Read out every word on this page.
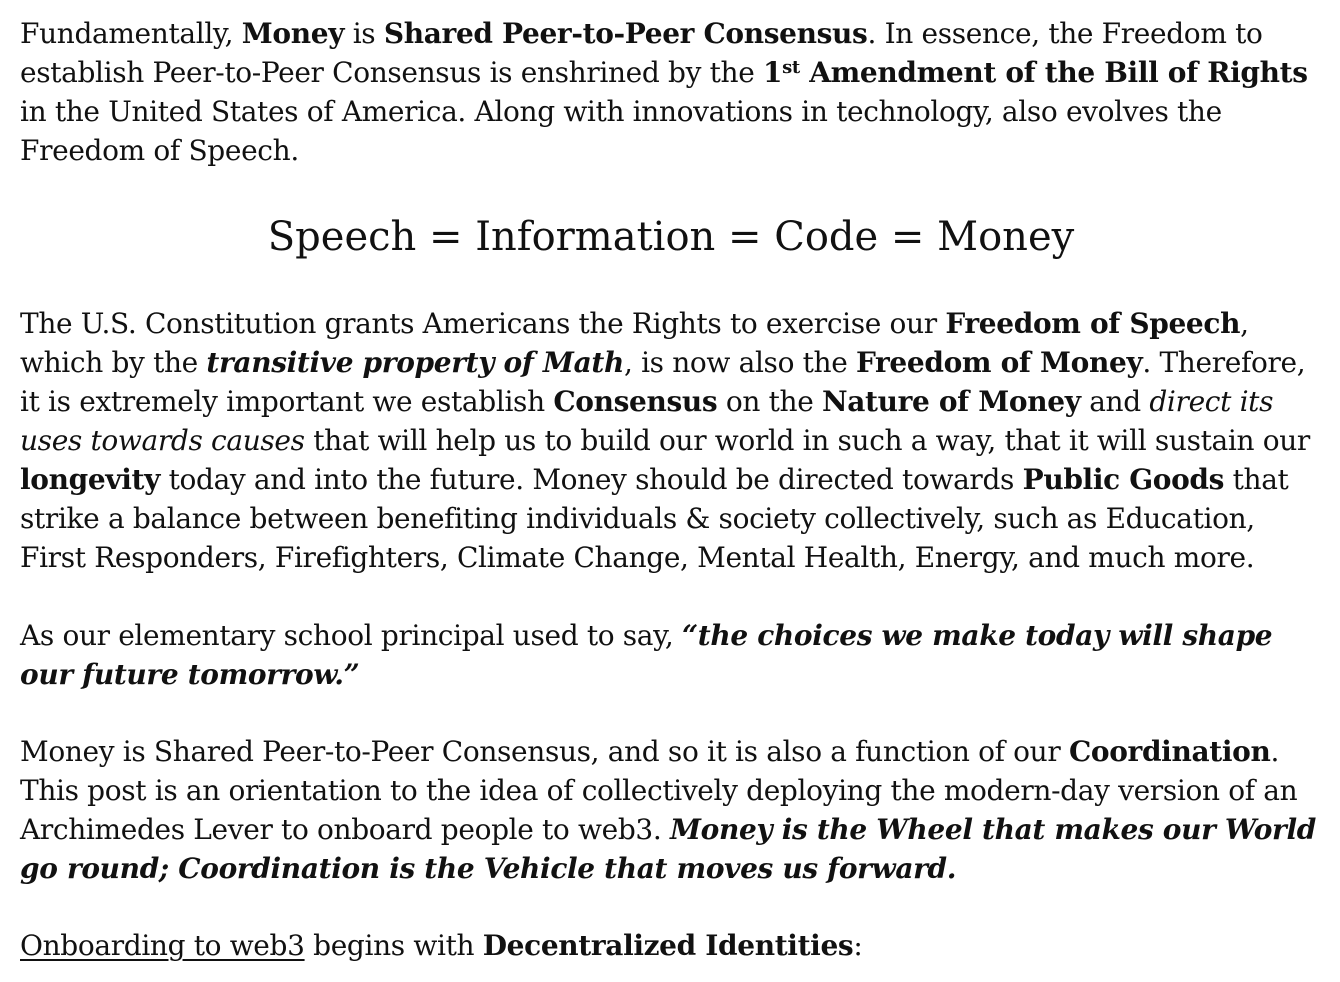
Fundamentally, Money is Shared Peer-to-Peer Consensus. In essence, the Freedom to establish Peer-to-Peer Consensus is enshrined by the 1st Amendment of the Bill of Rights in the United States of America. Along with innovations in technology, also evolves the Freedom of Speech.

Speech = Information = Code = Money

The U.S. Constitution grants Americans the Rights to exercise our Freedom of Speech, which by the transitive property of Math, is now also the Freedom of Money. Therefore, it is extremely important we establish Consensus on the Nature of Money and direct its uses towards causes that will help us to build our world in such a way, that it will sustain our longevity today and into the future. Money should be directed towards Public Goods that strike a balance between benefiting individuals & society collectively, such as Education, First Responders, Firefighters, Climate Change, Mental Health, Energy, and much more.

As our elementary school principal used to say, “the choices we make today will shape our future tomorrow.”

Money is Shared Peer-to-Peer Consensus, and so it is also a function of our Coordination. This post is an orientation to the idea of collectively deploying the modern-day version of an Archimedes Lever to onboard people to web3. Money is the Wheel that makes our World go round; Coordination is the Vehicle that moves us forward.

Onboarding to web3 begins with Decentralized Identities:
